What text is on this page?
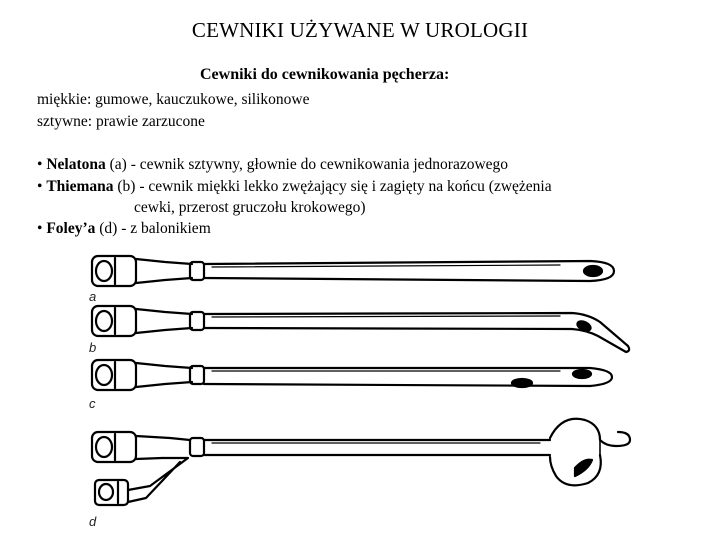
CEWNIKI UŻYWANE W UROLOGII
Cewniki do cewnikowania pęcherza:
miękkie: gumowe, kauczukowe, silikonowe
sztywne: prawie zarzucone
• Nelatona (a) - cewnik sztywny, głownie do cewnikowania jednorazowego
• Thiemana (b) - cewnik miękki lekko zwężający się i zagięty na końcu (zwężenia
cewki, przerost gruczołu krokowego)
• Foley’a (d) - z balonikiem
a
b
c
d
